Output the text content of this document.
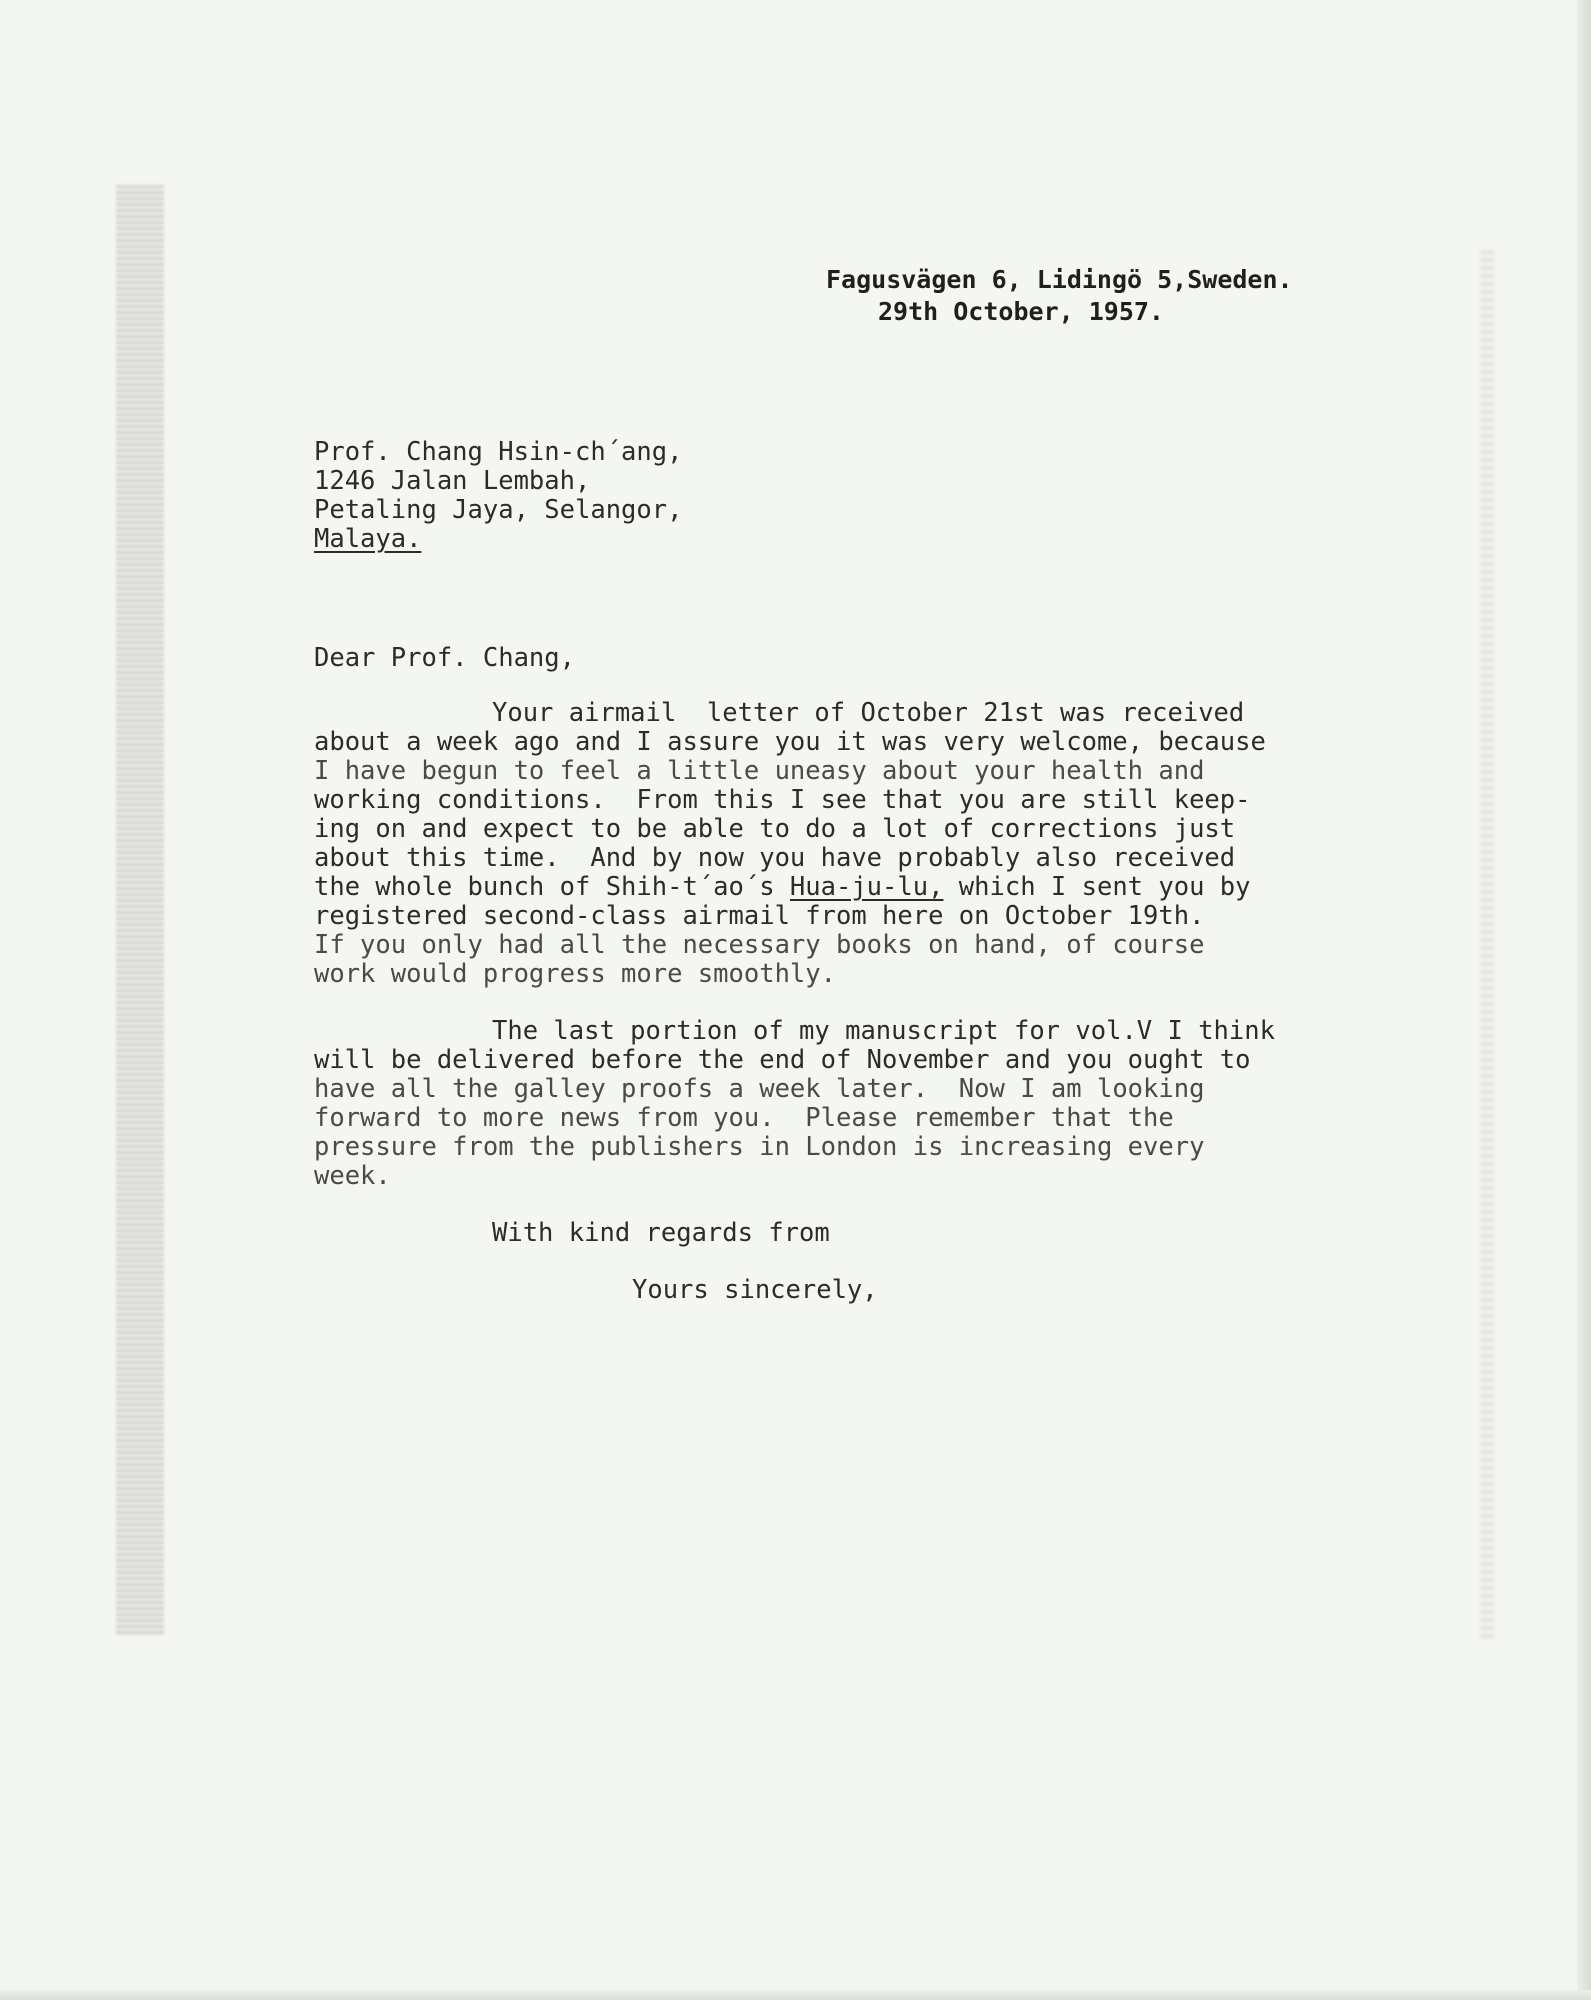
Fagusvägen 6, Lidingö 5,Sweden.

29th October, 1957.

Prof. Chang Hsin-ch´ang,

1246 Jalan Lembah,

Petaling Jaya, Selangor,

Malaya.

Dear Prof. Chang,

Your airmail  letter of October 21st was received

about a week ago and I assure you it was very welcome, because

I have begun to feel a little uneasy about your health and

working conditions.  From this I see that you are still keep-

ing on and expect to be able to do a lot of corrections just

about this time.  And by now you have probably also received

the whole bunch of Shih-t´ao´s Hua-ju-lu, which I sent you by

registered second-class airmail from here on October 19th.

If you only had all the necessary books on hand, of course

work would progress more smoothly.

The last portion of my manuscript for vol.V I think

will be delivered before the end of November and you ought to

have all the galley proofs a week later.  Now I am looking

forward to more news from you.  Please remember that the

pressure from the publishers in London is increasing every

week.

With kind regards from

Yours sincerely,
